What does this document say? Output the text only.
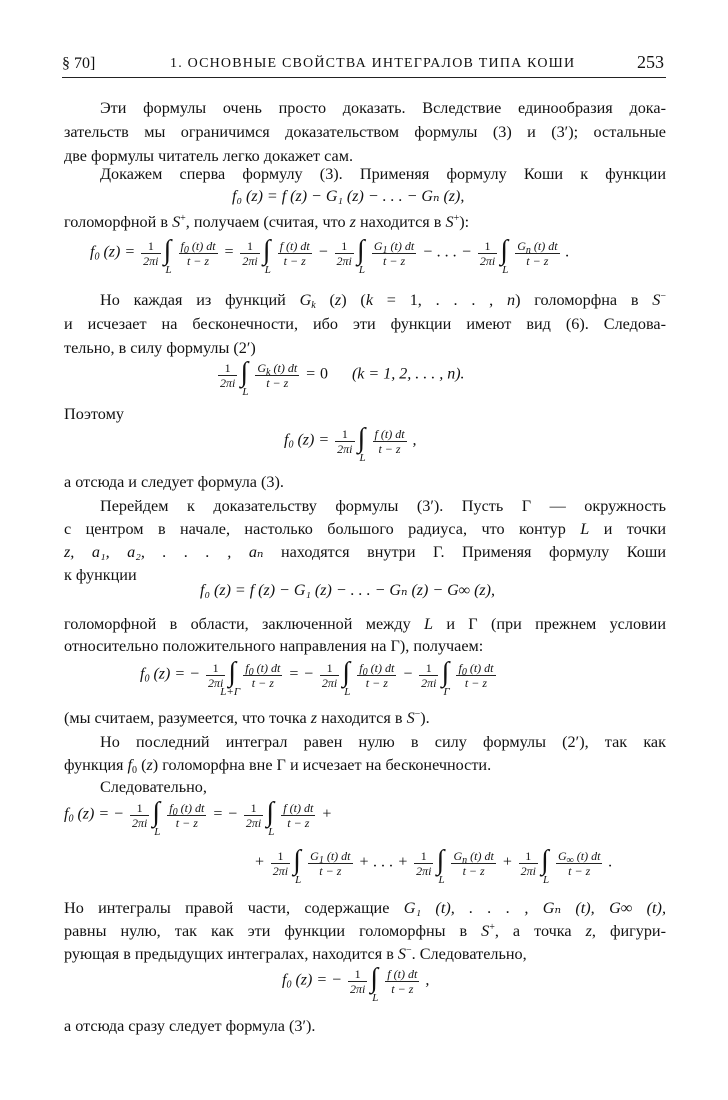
§ 70]	1. ОСНОВНЫЕ СВОЙСТВА ИНТЕГРАЛОВ ТИПА КОШИ	253
Эти формулы очень просто доказать. Вследствие единообразия дока-
зательств мы ограничимся доказательством формулы (3) и (3′); остальные
две формулы читатель легко докажет сам.
Докажем сперва формулу (3). Применяя формулу Коши к функции
f₀ (z) = f (z) − G₁ (z) − . . . − Gₙ (z),
голоморфной в S+, получаем (считая, что z находится в S+):
$f_0$ $(z) = \frac{1}{2\pi i}$ ∫
L
$\frac{f_0 (t) dt}{t - z} = \frac{1}{2\pi i}$ ∫
L
$\frac{f (t) dt}{t - z} - \frac{1}{2\pi i}$ ∫
L
$\frac{G_1 (t) dt}{t - z}$ − . . . − $\frac{1}{2\pi i}$ ∫
L
$\frac{G_n (t) dt}{t - z}$ .
Но каждая из функций $G_k$ (z) (k = 1, . . . , n) голоморфна в S−
и исчезает на бесконечности, ибо эти функции имеют вид (6). Следова-
тельно, в силу формулы (2′)
$\frac{1}{2\pi i}$ ∫
L
$\frac{G_k (t) dt}{t - z} = 0$ (k = 1, 2, . . . , n).
Поэтому
$f_0$ $(z) = \frac{1}{2\pi i}$ ∫
L
$\frac{f (t) dt}{t - z}$ ,
а отсюда и следует формула (3).
Перейдем к доказательству формулы (3′). Пусть Γ — окружность
с центром в начале, настолько большого радиуса, что контур L и точки
z, a₁, a₂, . . . , aₙ находятся внутри Γ. Применяя формулу Коши
к функции
f₀ (z) = f (z) − G₁ (z) − . . . − Gₙ (z) − G∞ (z),
голоморфной в области, заключенной между L и Γ (при прежнем условии
относительно положительного направления на Γ), получаем:
$f_0$ (z) = − $\frac{1}{2\pi i}$ ∫
L+Γ
$\frac{f_0 (t) dt}{t - z}$ = − $\frac{1}{2\pi i}$ ∫
L
$\frac{f_0 (t) dt}{t - z} - \frac{1}{2\pi i}$ ∫
Γ
$\frac{f_0 (t) dt}{t - z}$
(мы считаем, разумеется, что точка z находится в S−).
Но последний интеграл равен нулю в силу формулы (2′), так как
функция $f_0$ (z) голоморфна вне Γ и исчезает на бесконечности.
Следовательно,
$f_0$ (z) = − $\frac{1}{2\pi i}$ ∫
L
$\frac{f_0 (t) dt}{t - z}$ = − $\frac{1}{2\pi i}$ ∫
L
$\frac{f (t) dt}{t - z}$ +
+ $\frac{1}{2\pi i}$ ∫
L
$\frac{G_1 (t) dt}{t - z}$ + . . . + $\frac{1}{2\pi i}$ ∫
L
$\frac{G_n (t) dt}{t - z} + \frac{1}{2\pi i}$ ∫
L
$\frac{G_\infty (t) dt}{t - z}$ .
Но интегралы правой части, содержащие G₁ (t), . . . , Gₙ (t), G∞ (t),
равны нулю, так как эти функции голоморфны в S+, а точка z, фигури-
рующая в предыдущих интегралах, находится в S−. Следовательно,
$f_0$ (z) = − $\frac{1}{2\pi i}$ ∫
L
$\frac{f (t) dt}{t - z}$ ,
а отсюда сразу следует формула (3′).
